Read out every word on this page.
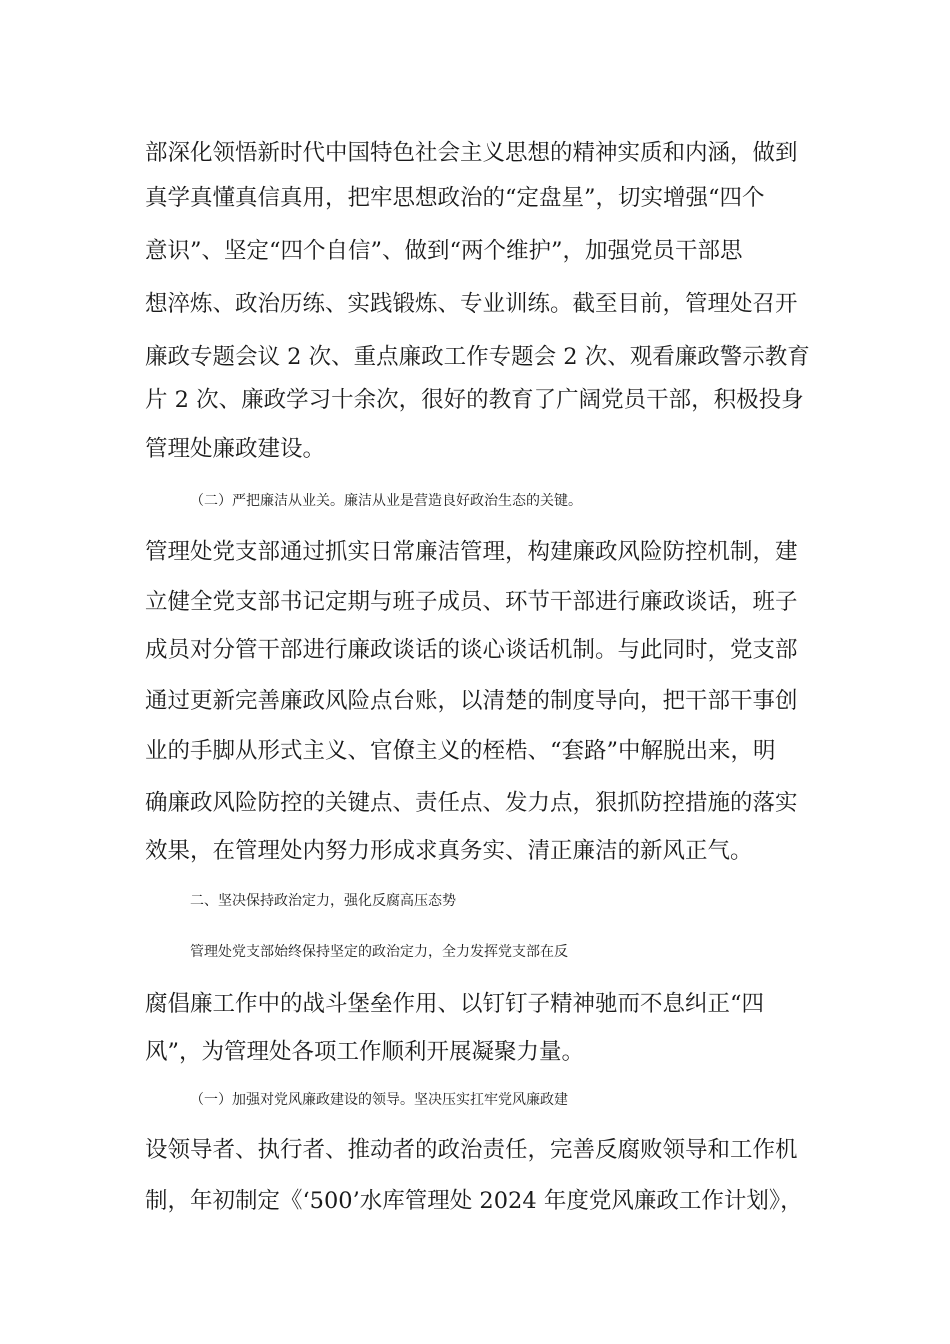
部深化领悟新时代中国特色社会主义思想的精神实质和内涵，做到
真学真懂真信真用，把牢思想政治的“定盘星”，切实增强“四个
意识”、坚定“四个自信”、做到“两个维护”，加强党员干部思
想淬炼、政治历练、实践锻炼、专业训练。截至目前，管理处召开
廉政专题会议 2 次、重点廉政工作专题会 2 次、观看廉政警示教育
片 2 次、廉政学习十余次，很好的教育了广阔党员干部，积极投身
管理处廉政建设。
（二）严把廉洁从业关。廉洁从业是营造良好政治生态的关键。
管理处党支部通过抓实日常廉洁管理，构建廉政风险防控机制，建
立健全党支部书记定期与班子成员、环节干部进行廉政谈话，班子
成员对分管干部进行廉政谈话的谈心谈话机制。与此同时，党支部
通过更新完善廉政风险点台账，以清楚的制度导向，把干部干事创
业的手脚从形式主义、官僚主义的桎梏、“套路”中解脱出来，明
确廉政风险防控的关键点、责任点、发力点，狠抓防控措施的落实
效果，在管理处内努力形成求真务实、清正廉洁的新风正气。
二、坚决保持政治定力，强化反腐高压态势
管理处党支部始终保持坚定的政治定力，全力发挥党支部在反
腐倡廉工作中的战斗堡垒作用、以钉钉子精神驰而不息纠正“四
风”，为管理处各项工作顺利开展凝聚力量。
（一）加强对党风廉政建设的领导。坚决压实扛牢党风廉政建
设领导者、执行者、推动者的政治责任，完善反腐败领导和工作机
制，年初制定《‘500’水库管理处 2024 年度党风廉政工作计划》，
